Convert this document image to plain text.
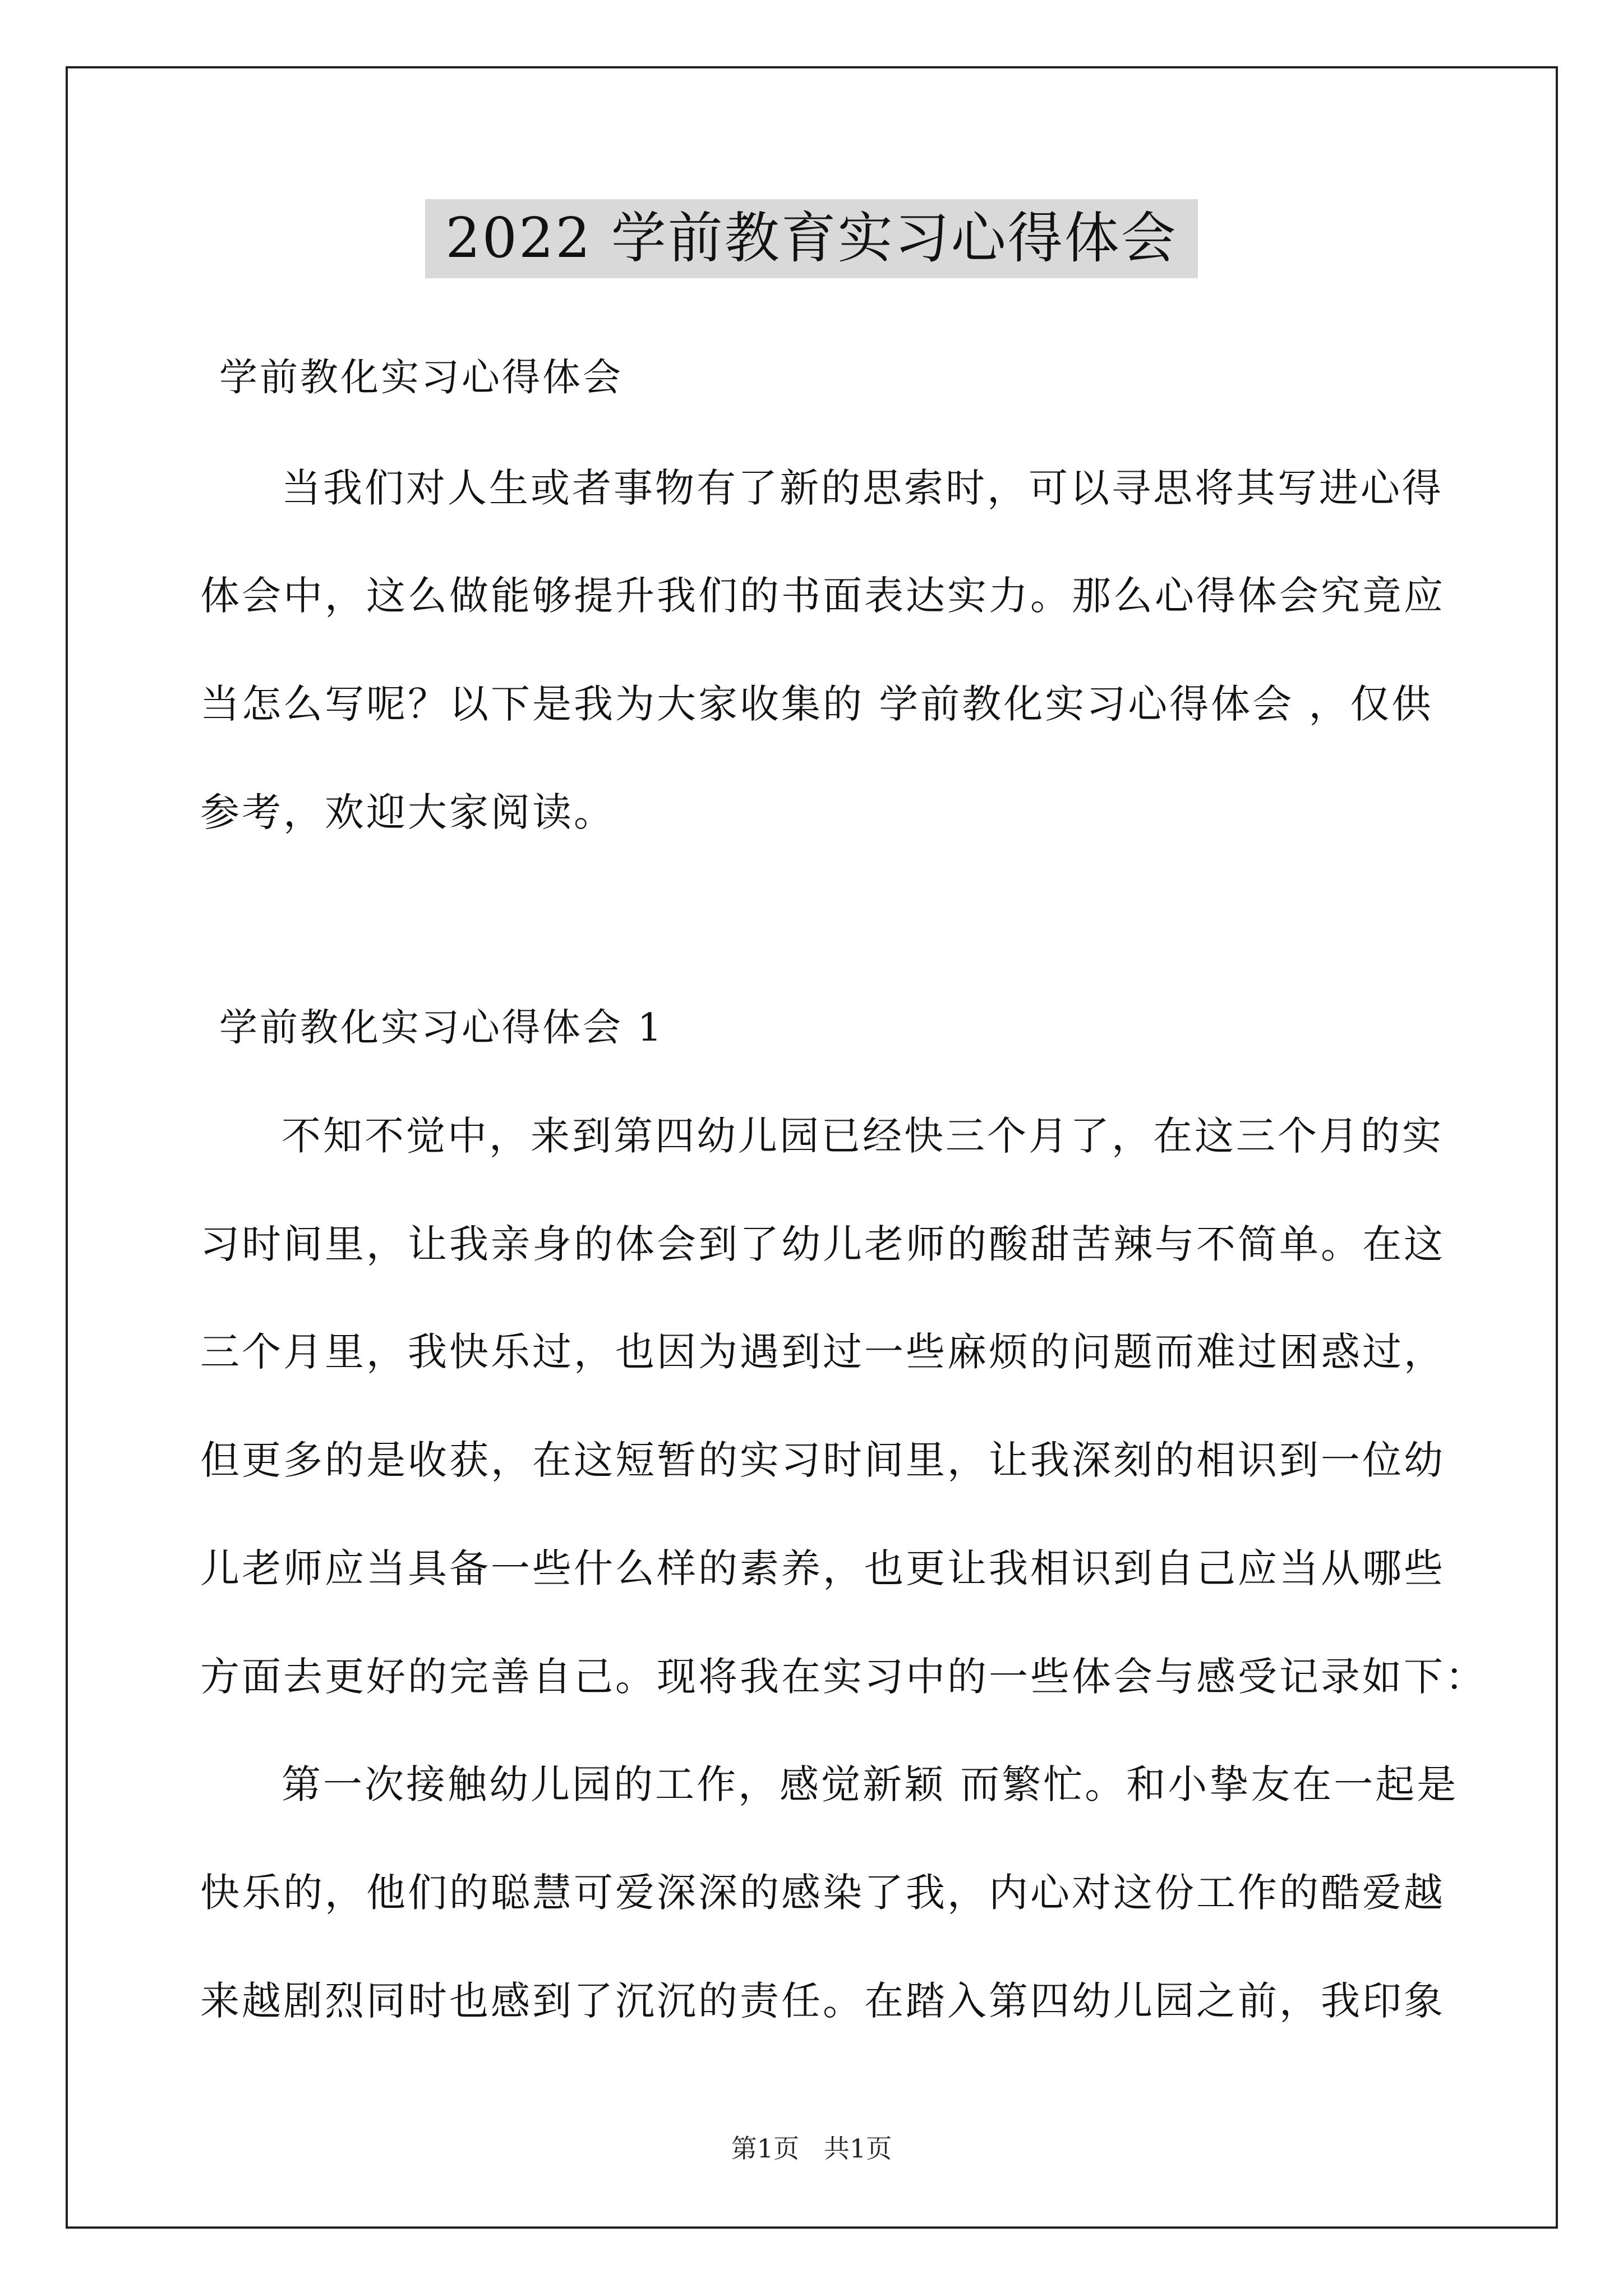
2022 学前教育实习心得体会
学前教化实习心得体会
当我们对人生或者事物有了新的思索时，可以寻思将其写进心得
体会中，这么做能够提升我们的书面表达实力。那么心得体会究竟应
当怎么写呢？以下是我为大家收集的 学前教化实习心得体会 ，仅供
参考，欢迎大家阅读。
学前教化实习心得体会 1
不知不觉中，来到第四幼儿园已经快三个月了，在这三个月的实
习时间里，让我亲身的体会到了幼儿老师的酸甜苦辣与不简单。在这
三个月里，我快乐过，也因为遇到过一些麻烦的问题而难过困惑过，
但更多的是收获，在这短暂的实习时间里，让我深刻的相识到一位幼
儿老师应当具备一些什么样的素养，也更让我相识到自己应当从哪些
方面去更好的完善自己。现将我在实习中的一些体会与感受记录如下：
第一次接触幼儿园的工作，感觉新颖 而繁忙。和小挚友在一起是
快乐的，他们的聪慧可爱深深的感染了我，内心对这份工作的酷爱越
来越剧烈同时也感到了沉沉的责任。在踏入第四幼儿园之前，我印象
第1页   共1页
